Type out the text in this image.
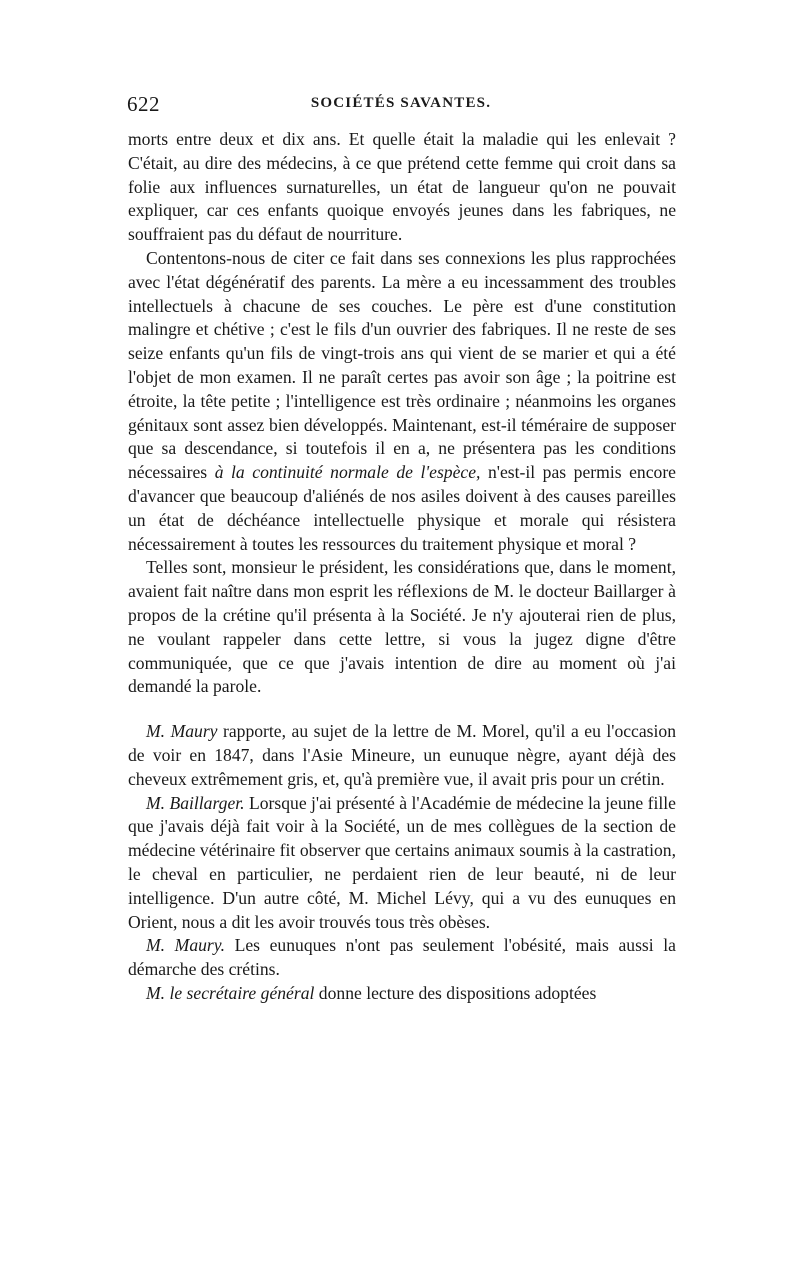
622	SOCIÉTÉS SAVANTES.

morts entre deux et dix ans. Et quelle était la maladie qui les enlevait ? C'était, au dire des médecins, à ce que prétend cette femme qui croit dans sa folie aux influences surnaturelles, un état de langueur qu'on ne pouvait expliquer, car ces enfants quoique envoyés jeunes dans les fabriques, ne souffraient pas du défaut de nourriture.

Contentons-nous de citer ce fait dans ses connexions les plus rapprochées avec l'état dégénératif des parents. La mère a eu incessamment des troubles intellectuels à chacune de ses couches. Le père est d'une constitution malingre et chétive ; c'est le fils d'un ouvrier des fabriques. Il ne reste de ses seize enfants qu'un fils de vingt-trois ans qui vient de se marier et qui a été l'objet de mon examen. Il ne paraît certes pas avoir son âge ; la poitrine est étroite, la tête petite ; l'intelligence est très ordinaire ; néanmoins les organes génitaux sont assez bien développés. Maintenant, est-il téméraire de supposer que sa descendance, si toutefois il en a, ne présentera pas les conditions nécessaires à la continuité normale de l'espèce, n'est-il pas permis encore d'avancer que beaucoup d'aliénés de nos asiles doivent à des causes pareilles un état de déchéance intellectuelle physique et morale qui résistera nécessairement à toutes les ressources du traitement physique et moral ?

Telles sont, monsieur le président, les considérations que, dans le moment, avaient fait naître dans mon esprit les réflexions de M. le docteur Baillarger à propos de la crétine qu'il présenta à la Société. Je n'y ajouterai rien de plus, ne voulant rappeler dans cette lettre, si vous la jugez digne d'être communiquée, que ce que j'avais intention de dire au moment où j'ai demandé la parole.

M. Maury rapporte, au sujet de la lettre de M. Morel, qu'il a eu l'occasion de voir en 1847, dans l'Asie Mineure, un eunuque nègre, ayant déjà des cheveux extrêmement gris, et, qu'à première vue, il avait pris pour un crétin.

M. Baillarger. Lorsque j'ai présenté à l'Académie de médecine la jeune fille que j'avais déjà fait voir à la Société, un de mes collègues de la section de médecine vétérinaire fit observer que certains animaux soumis à la castration, le cheval en particulier, ne perdaient rien de leur beauté, ni de leur intelligence. D'un autre côté, M. Michel Lévy, qui a vu des eunuques en Orient, nous a dit les avoir trouvés tous très obèses.

M. Maury. Les eunuques n'ont pas seulement l'obésité, mais aussi la démarche des crétins.

M. le secrétaire général donne lecture des dispositions adoptées
